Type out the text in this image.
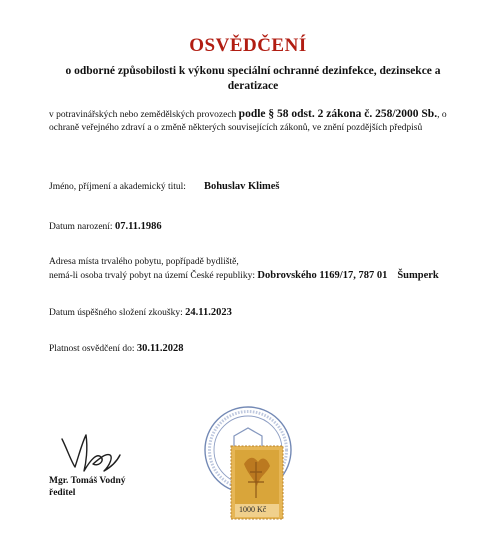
OSVĚDČENÍ
o odborné způsobilosti k výkonu speciální ochranné dezinfekce, dezinsekce a
deratizace
v potravinářských nebo zemědělských provozech podle § 58 odst. 2 zákona č. 258/2000 Sb., o ochraně veřejného zdraví a o změně některých souvisejících zákonů, ve znění pozdějších předpisů
Jméno, příjmení a akademický titul: Bohuslav Klimeš
Datum narození: 07.11.1986
Adresa místa trvalého pobytu, popřípadě bydliště,
nemá-li osoba trvalý pobyt na území České republiky: Dobrovského 1169/17, 787 01 Šumperk
Datum úspěšného složení zkoušky: 24.11.2023
Platnost osvědčení do: 30.11.2028
Mgr. Tomáš Vodný
ředitel
1000 Kč
